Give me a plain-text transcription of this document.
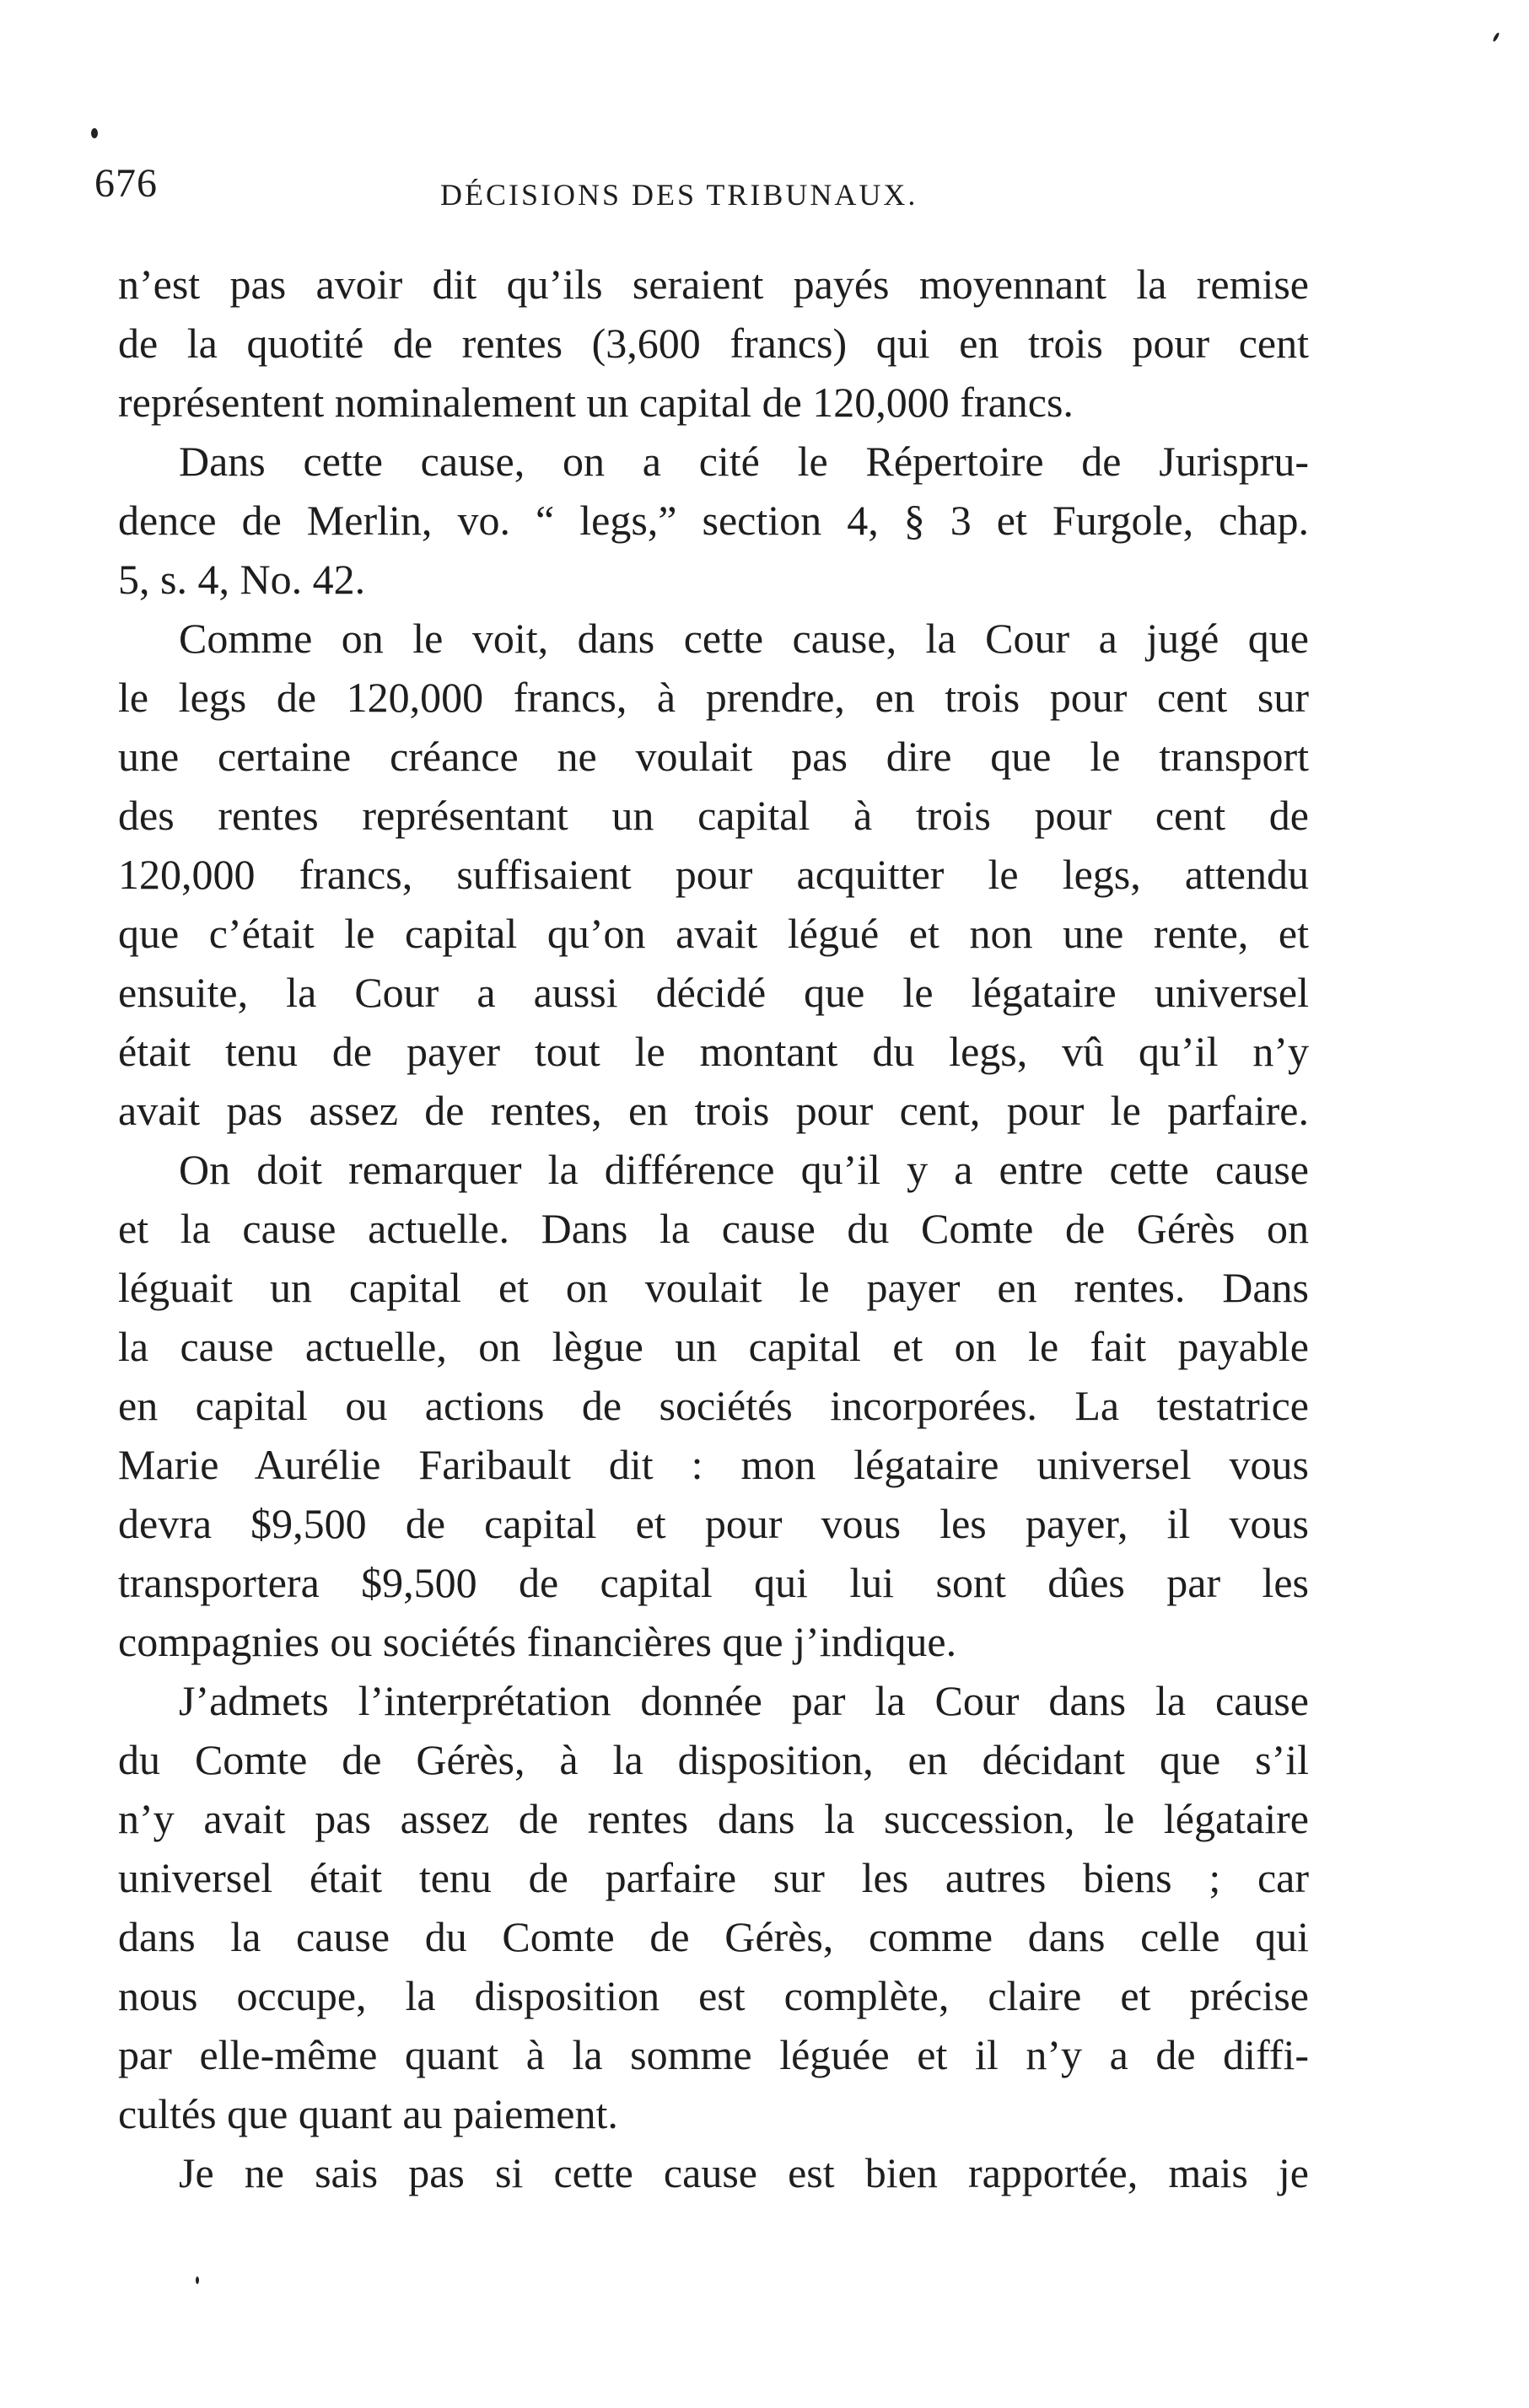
676	DÉCISIONS DES TRIBUNAUX.
n’est pas avoir dit qu’ils seraient payés moyennant la remise
de la quotité de rentes (3,600 francs) qui en trois pour cent
représentent nominalement un capital de 120,000 francs.
Dans cette cause, on a cité le Répertoire de Jurispru-
dence de Merlin, vo. “ legs,” section 4, § 3 et Furgole, chap.
5, s. 4, No. 42.
Comme on le voit, dans cette cause, la Cour a jugé que
le legs de 120,000 francs, à prendre, en trois pour cent sur
une certaine créance ne voulait pas dire que le transport
des rentes représentant un capital à trois pour cent de
120,000 francs, suffisaient pour acquitter le legs, attendu
que c’était le capital qu’on avait légué et non une rente, et
ensuite, la Cour a aussi décidé que le légataire universel
était tenu de payer tout le montant du legs, vû qu’il n’y
avait pas assez de rentes, en trois pour cent, pour le parfaire.
On doit remarquer la différence qu’il y a entre cette cause
et la cause actuelle. Dans la cause du Comte de Gérès on
léguait un capital et on voulait le payer en rentes. Dans
la cause actuelle, on lègue un capital et on le fait payable
en capital ou actions de sociétés incorporées. La testatrice
Marie Aurélie Faribault dit : mon légataire universel vous
devra $9,500 de capital et pour vous les payer, il vous
transportera $9,500 de capital qui lui sont dûes par les
compagnies ou sociétés financières que j’indique.
J’admets l’interprétation donnée par la Cour dans la cause
du Comte de Gérès, à la disposition, en décidant que s’il
n’y avait pas assez de rentes dans la succession, le légataire
universel était tenu de parfaire sur les autres biens ; car
dans la cause du Comte de Gérès, comme dans celle qui
nous occupe, la disposition est complète, claire et précise
par elle-même quant à la somme léguée et il n’y a de diffi-
cultés que quant au paiement.
Je ne sais pas si cette cause est bien rapportée, mais je
